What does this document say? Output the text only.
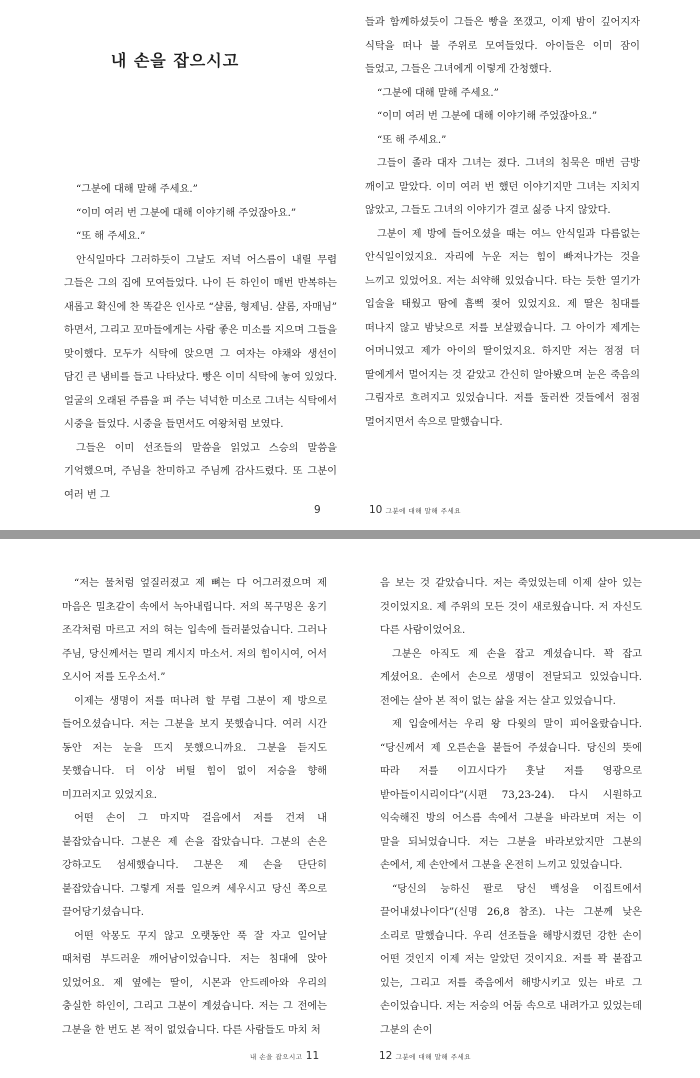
내 손을 잡으시고

“그분에 대해 말해 주세요.”

“이미 여러 번 그분에 대해 이야기해 주었잖아요.”

“또 해 주세요.”

안식일마다 그러하듯이 그날도 저녁 어스름이 내릴 무렵 그들은 그의 집에 모여들었다. 나이 든 하인이 매번 반복하는 새롭고 확신에 찬 똑같은 인사로 “샬롬, 형제님. 샬롬, 자매님” 하면서, 그리고 꼬마들에게는 사람 좋은 미소를 지으며 그들을 맞이했다. 모두가 식탁에 앉으면 그 여자는 야채와 생선이 담긴 큰 냄비를 들고 나타났다. 빵은 이미 식탁에 놓여 있었다. 얼굴의 오래된 주름을 펴 주는 넉넉한 미소로 그녀는 식탁에서 시중을 들었다. 시중을 들면서도 여왕처럼 보였다.

그들은 이미 선조들의 말씀을 읽었고 스승의 말씀을 기억했으며, 주님을 찬미하고 주님께 감사드렸다. 또 그분이 여러 번 그

9

들과 함께하셨듯이 그들은 빵을 쪼갰고, 이제 밤이 깊어지자 식탁을 떠나 불 주위로 모여들었다. 아이들은 이미 잠이 들었고, 그들은 그녀에게 이렇게 간청했다.

“그분에 대해 말해 주세요.”

“이미 여러 번 그분에 대해 이야기해 주었잖아요.”

“또 해 주세요.”

그들이 졸라 대자 그녀는 졌다. 그녀의 침묵은 매번 금방 깨이고 말았다. 이미 여러 번 했던 이야기지만 그녀는 지치지 않았고, 그들도 그녀의 이야기가 결코 싫증 나지 않았다.

그분이 제 방에 들어오셨을 때는 여느 안식일과 다름없는 안식일이었지요. 자리에 누운 저는 힘이 빠져나가는 것을 느끼고 있었어요. 저는 쇠약해 있었습니다. 타는 듯한 열기가 입술을 태웠고 땀에 흠뻑 젖어 있었지요. 제 딸은 침대를 떠나지 않고 밤낮으로 저를 보살폈습니다. 그 아이가 제게는 어머니였고 제가 아이의 딸이었지요. 하지만 저는 점점 더 딸에게서 멀어지는 것 같았고 간신히 알아봤으며 눈은 죽음의 그림자로 흐려지고 있었습니다. 저를 둘러싼 것들에서 점점 멀어지면서 속으로 말했습니다.

10 그분에 대해 말해 주세요

“저는 물처럼 엎질러졌고 제 뼈는 다 어그러졌으며 제 마음은 밀초같이 속에서 녹아내립니다. 저의 목구멍은 옹기 조각처럼 마르고 저의 혀는 입속에 들러붙었습니다. 그러나 주님, 당신께서는 멀리 계시지 마소서. 저의 힘이시여, 어서 오시어 저를 도우소서.”

이제는 생명이 저를 떠나려 할 무렵 그분이 제 방으로 들어오셨습니다. 저는 그분을 보지 못했습니다. 여러 시간 동안 저는 눈을 뜨지 못했으니까요. 그분을 듣지도 못했습니다. 더 이상 버틸 힘이 없이 저승을 향해 미끄러지고 있었지요.

어떤 손이 그 마지막 걸음에서 저를 건져 내 붙잡았습니다. 그분은 제 손을 잡았습니다. 그분의 손은 강하고도 섬세했습니다. 그분은 제 손을 단단히 붙잡았습니다. 그렇게 저를 일으켜 세우시고 당신 쪽으로 끌어당기셨습니다.

어떤 악몽도 꾸지 않고 오랫동안 푹 잘 자고 일어날 때처럼 부드러운 깨어남이었습니다. 저는 침대에 앉아 있었어요. 제 옆에는 딸이, 시몬과 안드레아와 우리의 충실한 하인이, 그리고 그분이 계셨습니다. 저는 그 전에는 그분을 한 번도 본 적이 없었습니다. 다른 사람들도 마치 처

내 손을 잡으시고 11

음 보는 것 같았습니다. 저는 죽었었는데 이제 살아 있는 것이었지요. 제 주위의 모든 것이 새로웠습니다. 저 자신도 다른 사람이었어요.

그분은 아직도 제 손을 잡고 계셨습니다. 꽉 잡고 계셨어요. 손에서 손으로 생명이 전달되고 있었습니다. 전에는 살아 본 적이 없는 삶을 저는 살고 있었습니다.

제 입술에서는 우리 왕 다윗의 말이 피어올랐습니다. “당신께서 제 오른손을 붙들어 주셨습니다. 당신의 뜻에 따라 저를 이끄시다가 훗날 저를 영광으로 받아들이시리이다”(시편 73,23-24). 다시 시원하고 익숙해진 방의 어스름 속에서 그분을 바라보며 저는 이 말을 되뇌었습니다. 저는 그분을 바라보았지만 그분의 손에서, 제 손안에서 그분을 온전히 느끼고 있었습니다.

“당신의 능하신 팔로 당신 백성을 이집트에서 끌어내셨나이다”(신명 26,8 참조). 나는 그분께 낮은 소리로 말했습니다. 우리 선조들을 해방시켰던 강한 손이 어떤 것인지 이제 저는 알았던 것이지요. 저를 꽉 붙잡고 있는, 그리고 저를 죽음에서 해방시키고 있는 바로 그 손이었습니다. 저는 저승의 어둠 속으로 내려가고 있었는데 그분의 손이

12 그분에 대해 말해 주세요
